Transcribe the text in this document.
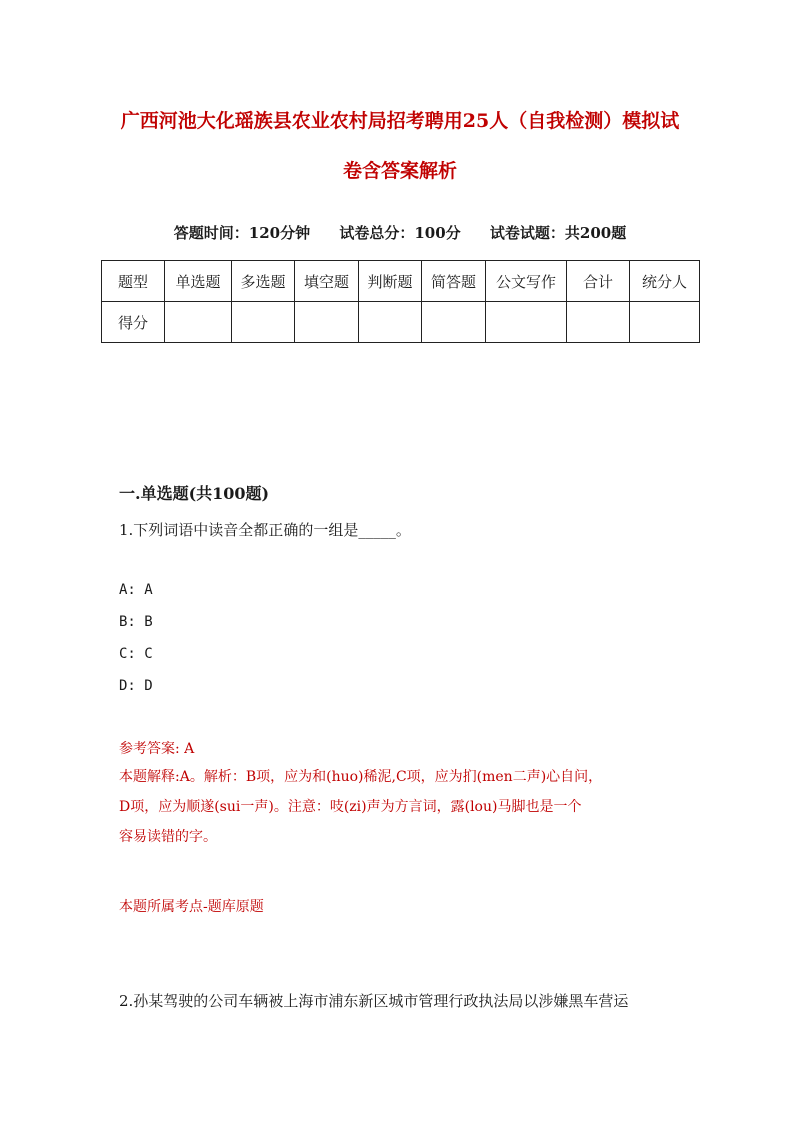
广西河池大化瑶族县农业农村局招考聘用25人（自我检测）模拟试
卷含答案解析
答题时间：120分钟 试卷总分：100分 试卷试题：共200题
题型	单选题	多选题	填空题	判断题	简答题	公文写作	合计	统分人
得分								
一.单选题(共100题)
1.下列词语中读音全都正确的一组是_____。
A: A
B: B
C: C
D: D
参考答案: A
本题解释:A。解析：B项，应为和(huo)稀泥,C项，应为扪(men二声)心自问，
D项，应为顺遂(sui一声)。注意：吱(zi)声为方言词，露(lou)马脚也是一个
容易读错的字。
本题所属考点-题库原题
2.孙某驾驶的公司车辆被上海市浦东新区城市管理行政执法局以涉嫌黑车营运
